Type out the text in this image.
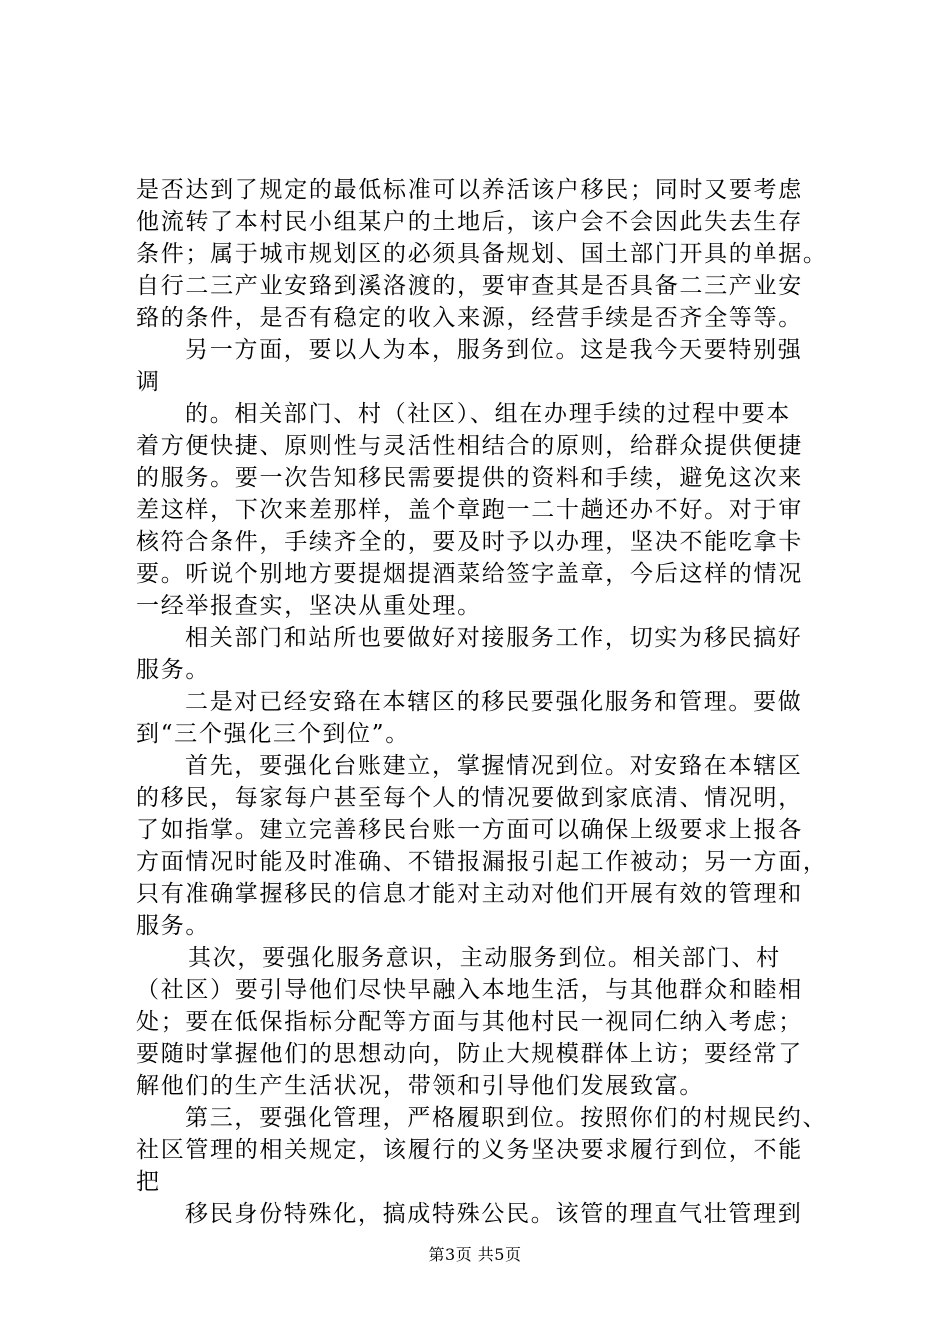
是否达到了规定的最低标准可以养活该户移民；同时又要考虑
他流转了本村民小组某户的土地后，该户会不会因此失去生存
条件；属于城市规划区的必须具备规划、国土部门开具的单据。
自行二三产业安臵到溪洛渡的，要审查其是否具备二三产业安
臵的条件，是否有稳定的收入来源，经营手续是否齐全等等。
另一方面，要以人为本，服务到位。这是我今天要特别强
调
的。相关部门、村（社区）、组在办理手续的过程中要本
着方便快捷、原则性与灵活性相结合的原则，给群众提供便捷
的服务。要一次告知移民需要提供的资料和手续，避免这次来
差这样，下次来差那样，盖个章跑一二十趟还办不好。对于审
核符合条件，手续齐全的，要及时予以办理，坚决不能吃拿卡
要。听说个别地方要提烟提酒菜给签字盖章，今后这样的情况
一经举报查实，坚决从重处理。
相关部门和站所也要做好对接服务工作，切实为移民搞好
服务。
二是对已经安臵在本辖区的移民要强化服务和管理。要做
到“三个强化三个到位”。
首先，要强化台账建立，掌握情况到位。对安臵在本辖区
的移民，每家每户甚至每个人的情况要做到家底清、情况明，
了如指掌。建立完善移民台账一方面可以确保上级要求上报各
方面情况时能及时准确、不错报漏报引起工作被动；另一方面，
只有准确掌握移民的信息才能对主动对他们开展有效的管理和
服务。
其次，要强化服务意识，主动服务到位。相关部门、村
（社区）要引导他们尽快早融入本地生活，与其他群众和睦相
处；要在低保指标分配等方面与其他村民一视同仁纳入考虑；
要随时掌握他们的思想动向，防止大规模群体上访；要经常了
解他们的生产生活状况，带领和引导他们发展致富。
第三，要强化管理，严格履职到位。按照你们的村规民约、
社区管理的相关规定，该履行的义务坚决要求履行到位，不能
把
移民身份特殊化，搞成特殊公民。该管的理直气壮管理到
第3页 共5页
